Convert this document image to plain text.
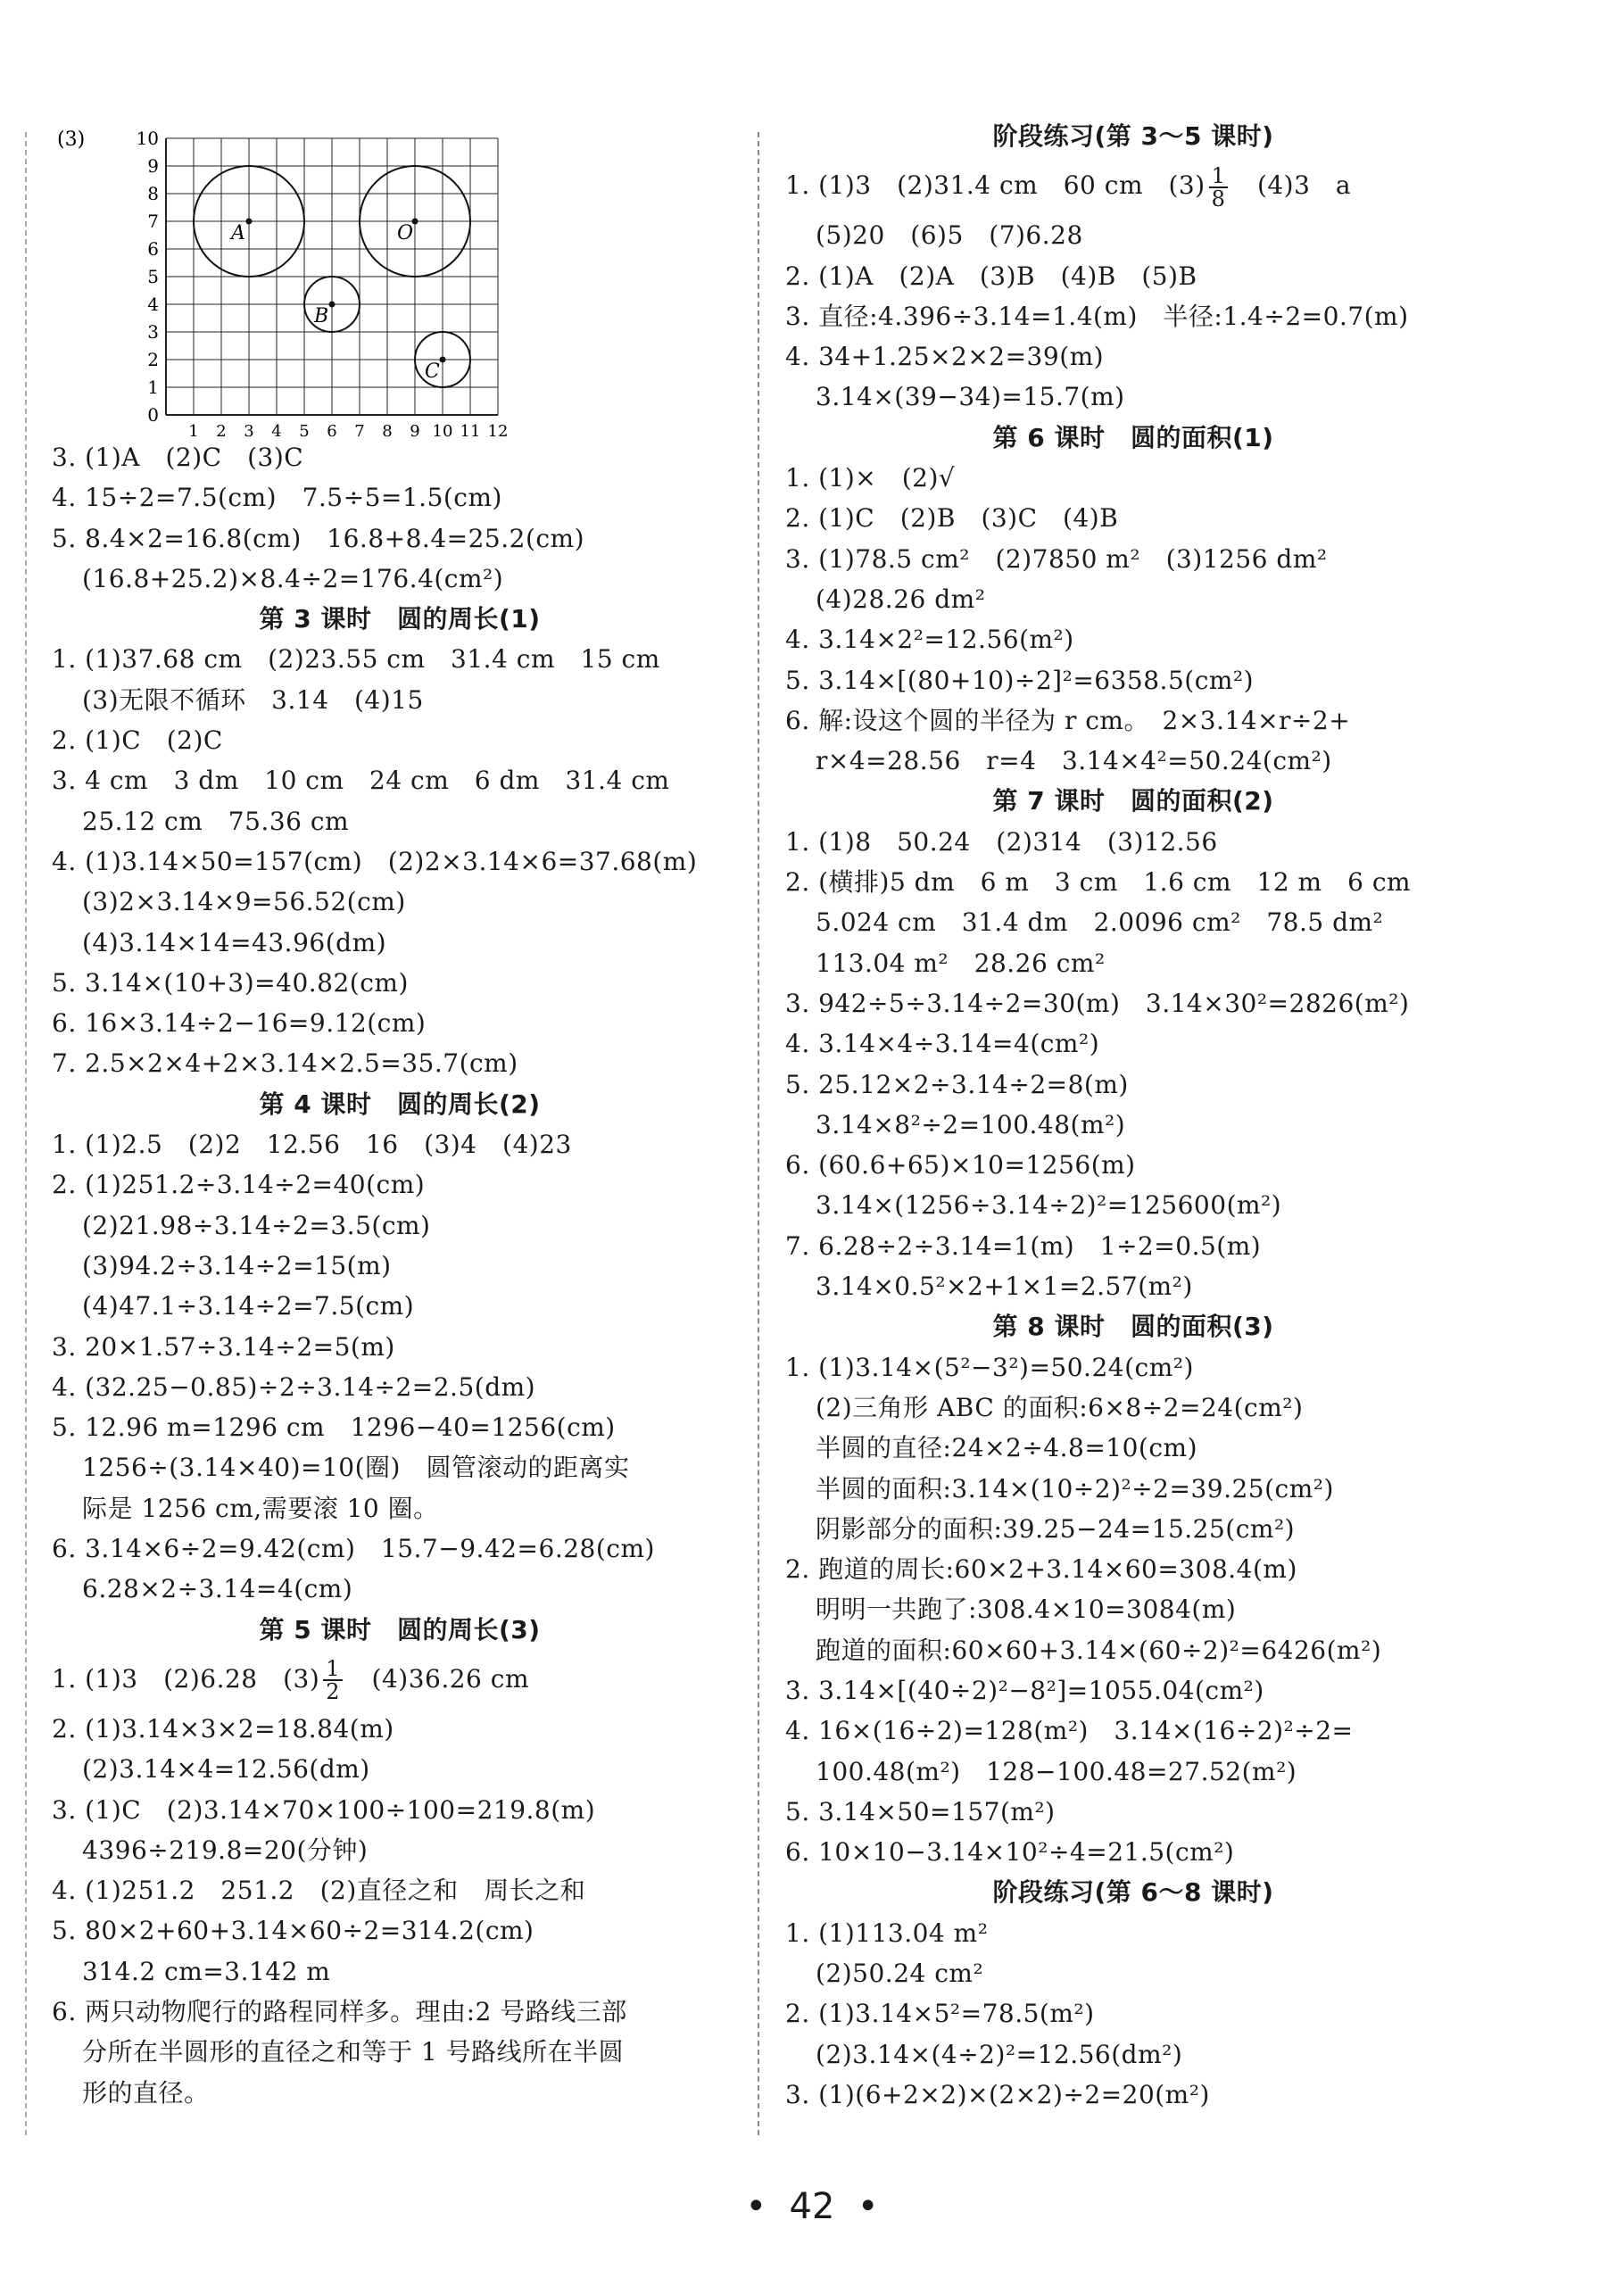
(3)
0
1
2
3
4
5
6
7
8
9
10
1 2 3 4 5 6 7 8 9 10 11 12
A	O
B
C
3. (1)A　(2)C　(3)C
4. 15÷2=7.5(cm)　7.5÷5=1.5(cm)
5. 8.4×2=16.8(cm)　16.8+8.4=25.2(cm)
(16.8+25.2)×8.4÷2=176.4(cm²)
第 3 课时　圆的周长(1)
1. (1)37.68 cm　(2)23.55 cm　31.4 cm　15 cm
(3)无限不循环　3.14　(4)15
2. (1)C　(2)C
3. 4 cm　3 dm　10 cm　24 cm　6 dm　31.4 cm
25.12 cm　75.36 cm
4. (1)3.14×50=157(cm)　(2)2×3.14×6=37.68(m)
(3)2×3.14×9=56.52(cm)
(4)3.14×14=43.96(dm)
5. 3.14×(10+3)=40.82(cm)
6. 16×3.14÷2−16=9.12(cm)
7. 2.5×2×4+2×3.14×2.5=35.7(cm)
第 4 课时　圆的周长(2)
1. (1)2.5　(2)2　12.56　16　(3)4　(4)23
2. (1)251.2÷3.14÷2=40(cm)
(2)21.98÷3.14÷2=3.5(cm)
(3)94.2÷3.14÷2=15(m)
(4)47.1÷3.14÷2=7.5(cm)
3. 20×1.57÷3.14÷2=5(m)
4. (32.25−0.85)÷2÷3.14÷2=2.5(dm)
5. 12.96 m=1296 cm　1296−40=1256(cm)
1256÷(3.14×40)=10(圈)　圆管滚动的距离实
际是 1256 cm,需要滚 10 圈。
6. 3.14×6÷2=9.42(cm)　15.7−9.42=6.28(cm)
6.28×2÷3.14=4(cm)
第 5 课时　圆的周长(3)
1. (1)3　(2)6.28　$(3) \frac{1}{2}$ 　(4)36.26 cm
2. (1)3.14×3×2=18.84(m)
(2)3.14×4=12.56(dm)
3. (1)C　(2)3.14×70×100÷100=219.8(m)
4396÷219.8=20(分钟)
4. (1)251.2　251.2　(2)直径之和　周长之和
5. 80×2+60+3.14×60÷2=314.2(cm)
314.2 cm=3.142 m
6. 两只动物爬行的路程同样多。理由:2 号路线三部
分所在半圆形的直径之和等于 1 号路线所在半圆
形的直径。
阶段练习(第 3～5 课时)
1. (1)3　(2)31.4 cm　60 cm　$(3) \frac{1}{8}$ 　(4)3　a
(5)20　(6)5　(7)6.28
2. (1)A　(2)A　(3)B　(4)B　(5)B
3. 直径:4.396÷3.14=1.4(m)　半径:1.4÷2=0.7(m)
4. 34+1.25×2×2=39(m)
3.14×(39−34)=15.7(m)
第 6 课时　圆的面积(1)
1. (1)×　(2)√
2. (1)C　(2)B　(3)C　(4)B
3. (1)78.5 cm²　(2)7850 m²　(3)1256 dm²
(4)28.26 dm²
4. 3.14×2²=12.56(m²)
5. 3.14×[(80+10)÷2]²=6358.5(cm²)
6. 解:设这个圆的半径为 r cm。　2×3.14×r÷2+
r×4=28.56　r=4　3.14×4²=50.24(cm²)
第 7 课时　圆的面积(2)
1. (1)8　50.24　(2)314　(3)12.56
2. (横排)5 dm　6 m　3 cm　1.6 cm　12 m　6 cm
5.024 cm　31.4 dm　2.0096 cm²　78.5 dm²
113.04 m²　28.26 cm²
3. 942÷5÷3.14÷2=30(m)　3.14×30²=2826(m²)
4. 3.14×4÷3.14=4(cm²)
5. 25.12×2÷3.14÷2=8(m)
3.14×8²÷2=100.48(m²)
6. (60.6+65)×10=1256(m)
3.14×(1256÷3.14÷2)²=125600(m²)
7. 6.28÷2÷3.14=1(m)　1÷2=0.5(m)
3.14×0.5²×2+1×1=2.57(m²)
第 8 课时　圆的面积(3)
1. (1)3.14×(5²−3²)=50.24(cm²)
(2)三角形 ABC 的面积:6×8÷2=24(cm²)
半圆的直径:24×2÷4.8=10(cm)
半圆的面积:3.14×(10÷2)²÷2=39.25(cm²)
阴影部分的面积:39.25−24=15.25(cm²)
2. 跑道的周长:60×2+3.14×60=308.4(m)
明明一共跑了:308.4×10=3084(m)
跑道的面积:60×60+3.14×(60÷2)²=6426(m²)
3. 3.14×[(40÷2)²−8²]=1055.04(cm²)
4. 16×(16÷2)=128(m²)　3.14×(16÷2)²÷2=
100.48(m²)　128−100.48=27.52(m²)
5. 3.14×50=157(m²)
6. 10×10−3.14×10²÷4=21.5(cm²)
阶段练习(第 6～8 课时)
1. (1)113.04 m²
(2)50.24 cm²
2. (1)3.14×5²=78.5(m²)
(2)3.14×(4÷2)²=12.56(dm²)
3. (1)(6+2×2)×(2×2)÷2=20(m²)
•  42  •
